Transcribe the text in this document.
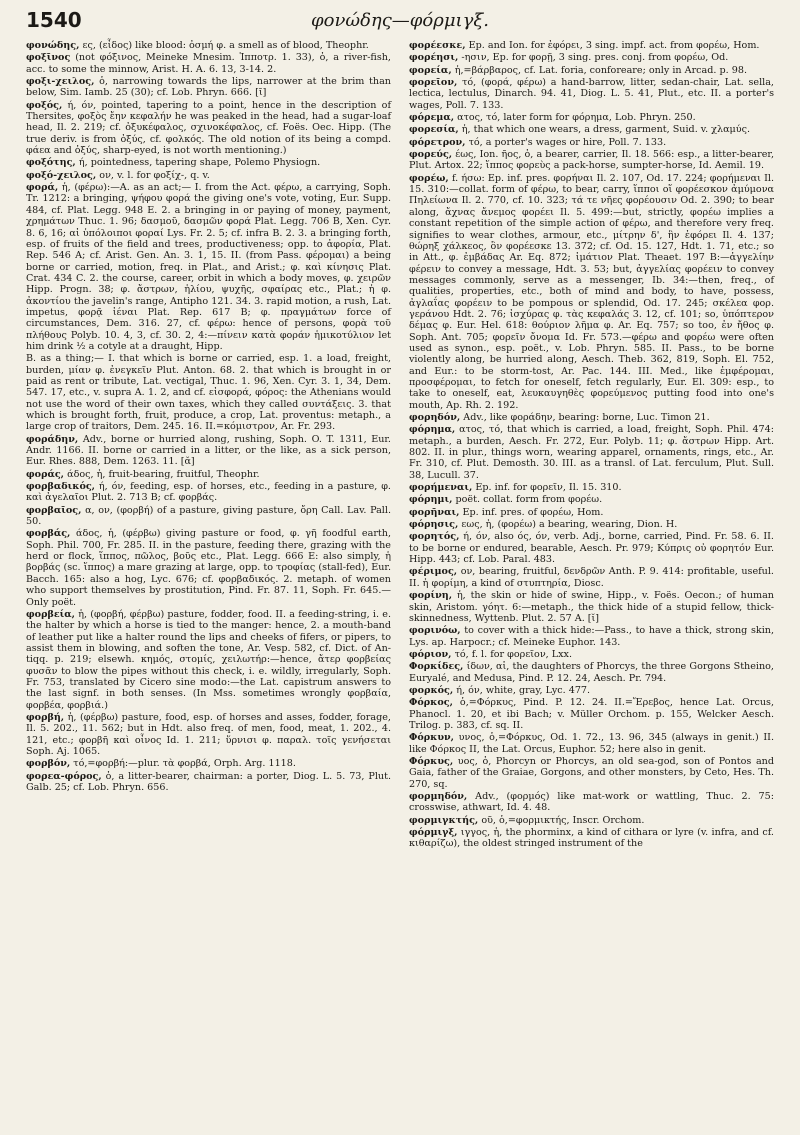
1540	φονώδης—φόρμιγξ.

φονώδης, ες, (εἶδος) like blood: ὀσμή φ. a smell as of blood, Theophr.

φοξῖνος (not φόξινος, Meineke Mnesim. Ἱπποτρ. 1. 33), ὁ, a river-fish, acc. to some the minnow, Arist. H. A. 6. 13, 3-14. 2.

φοξι-χειλος, ὁ, narrowing towards the lips, narrower at the brim than below, Sim. Iamb. 25 (30); cf. Lob. Phryn. 666. [ῑ]

φοξός, ή, όν, pointed, tapering to a point, hence in the description of Thersites, φοξὸς ἔην κεφαλήν he was peaked in the head, had a sugar-loaf head, Il. 2. 219; cf. ὀξυκέφαλος, σχινοκέφαλος, cf. Foës. Oec. Hipp. (The true deriv. is from ὀξύς, cf. φολκός. The old notion of its being a compd. φάεα and ὀξύς, sharp-eyed, is not worth mentioning.)

φοξότης, ή, pointedness, tapering shape, Polemo Physiogn.

φοξό-χειλος, ον, v. l. for φοξίχ-, q. v.

φορά, ἡ, (φέρω):—A. as an act;— I. from the Act. φέρω, a carrying, Soph. Tr. 1212: a bringing, ψήφου φορά the giving one's vote, voting, Eur. Supp. 484, cf. Plat. Legg. 948 E. 2. a bringing in or paying of money, payment, χρημάτων Thuc. 1. 96; δασμοῦ, δασμῶν φορά Plat. Legg. 706 B, Xen. Cyr. 8. 6, 16; αἱ ὑπόλοιποι φοραί Lys. Fr. 2. 5; cf. infra B. 2. 3. a bringing forth, esp. of fruits of the field and trees, productiveness; opp. to ἀφορία, Plat. Rep. 546 A; cf. Arist. Gen. An. 3. 1, 15. II. (from Pass. φέρομαι) a being borne or carried, motion, freq. in Plat., and Arist.; φ. καὶ κίνησις Plat. Crat. 434 C. 2. the course, career, orbit in which a body moves, φ. χειρῶν Hipp. Progn. 38; φ. ἄστρων, ἡλίου, ψυχῆς, σφαίρας etc., Plat.; ἡ φ. ἀκοντίου the javelin's range, Antipho 121. 34. 3. rapid motion, a rush, Lat. impetus, φορᾷ ἱέναι Plat. Rep. 617 B; φ. πραγμάτων force of circumstances, Dem. 316. 27, cf. φέρω: hence of persons, φορὰ τοῦ πλήθους Polyb. 10. 4, 3, cf. 30. 2, 4:—πίνειν κατὰ φοράν ἡμικοτύλιον let him drink ½ a cotyle at a draught, Hipp.

B. as a thing;— I. that which is borne or carried, esp. 1. a load, freight, burden, μίαν φ. ἐνεγκεῖν Plut. Anton. 68. 2. that which is brought in or paid as rent or tribute, Lat. vectigal, Thuc. 1. 96, Xen. Cyr. 3. 1, 34, Dem. 547. 17, etc., v. supra A. 1. 2, and cf. εἰσφορά, φόρος: the Athenians would not use the word of their own taxes, which they called συντάξεις. 3. that which is brought forth, fruit, produce, a crop, Lat. proventus: metaph., a large crop of traitors, Dem. 245. 16. II.=κόμιστρον, Ar. Fr. 293.

φοράδην, Adv., borne or hurried along, rushing, Soph. O. T. 1311, Eur. Andr. 1166. II. borne or carried in a litter, or the like, as a sick person, Eur. Rhes. 888, Dem. 1263. 11. [ᾰ]

φοράς, άδος, ἡ, fruit-bearing, fruitful, Theophr.

φορβαδικός, ή, όν, feeding, esp. of horses, etc., feeding in a pasture, φ. καὶ ἀγελαῖοι Plut. 2. 713 B; cf. φορβάς.

φορβαῖος, α, ον, (φορβή) of a pasture, giving pasture, ὄρη Call. Lav. Pall. 50.

φορβάς, άδος, ἡ, (φέρβω) giving pasture or food, φ. γῆ foodful earth, Soph. Phil. 700, Fr. 285. II. in the pasture, feeding there, grazing with the herd or flock, ἵππος, πῶλος, βοῦς etc., Plat. Legg. 666 E: also simply, ἡ βορβάς (sc. ἵππος) a mare grazing at large, opp. to τροφίας (stall-fed), Eur. Bacch. 165: also a hog, Lyc. 676; cf. φορβαδικός. 2. metaph. of women who support themselves by prostitution, Pind. Fr. 87. 11, Soph. Fr. 645.—Only poët.

φορβεία, ἡ, (φορβή, φέρβω) pasture, fodder, food. II. a feeding-string, i. e. the halter by which a horse is tied to the manger: hence, 2. a mouth-band of leather put like a halter round the lips and cheeks of fifers, or pipers, to assist them in blowing, and soften the tone, Ar. Vesp. 582, cf. Dict. of An-tiqq. p. 219; elsewh. κημός, στομίς, χειλωτήρ:—hence, ἄτερ φορβείας φυσᾶν to blow the pipes without this check, i. e. wildly, irregularly, Soph. Fr. 753, translated by Cicero sine modo:—the Lat. capistrum answers to the last signf. in both senses. (In Mss. sometimes wrongly φορβαία, φορβέα, φορβιά.)

φορβή, ἡ, (φέρβω) pasture, food, esp. of horses and asses, fodder, forage, Il. 5. 202., 11. 562; but in Hdt. also freq. of men, food, meat, 1. 202., 4. 121, etc.; φορβῆ καὶ οἶνος Id. 1. 211; ὕρνισι φ. παραλ. τοῖς γενήσεται Soph. Aj. 1065.

φορβόν, τό,=φορβή:—plur. τὰ φορβά, Orph. Arg. 1118.

φορεα-φόρος, ὁ, a litter-bearer, chairman: a porter, Diog. L. 5. 73, Plut. Galb. 25; cf. Lob. Phryn. 656.

φορέεσκε, Ep. and Ion. for ἐφόρει, 3 sing. impf. act. from φορέω, Hom.

φορέησι, -ησιν, Ep. for φορῇ, 3 sing. pres. conj. from φορέω, Od.

φορεία, ἡ,=βάρβαρος, cf. Lat. foria, conforeare; only in Arcad. p. 98.

φορεῖον, τό, (φορά, φέρω) a hand-barrow, litter, sedan-chair, Lat. sella, lectica, lectulus, Dinarch. 94. 41, Diog. L. 5. 41, Plut., etc. II. a porter's wages, Poll. 7. 133.

φόρεμα, ατος, τό, later form for φόρημα, Lob. Phryn. 250.

φορεσία, ἡ, that which one wears, a dress, garment, Suid. v. χλαμύς.

φόρετρον, τό, a porter's wages or hire, Poll. 7. 133.

φορεύς, έως, Ion. ῆος, ὁ, a bearer, carrier, Il. 18. 566: esp., a litter-bearer, Plut. Artox. 22; ἵππος φορεὺς a pack-horse, sumpter-horse, Id. Aemil. 19.

φορέω, f. ήσω: Ep. inf. pres. φορήναι Il. 2. 107, Od. 17. 224; φορήμεναι Il. 15. 310:—collat. form of φέρω, to bear, carry, ἵπποι οἵ φορέεσκον ἀμύμονα Πηλείωνα Il. 2. 770, cf. 10. 323; τά τε νῆες φορέουσιν Od. 2. 390; to bear along, ἄχνας ἄνεμος φορέει Il. 5. 499:—but, strictly, φορέω implies a constant repetition of the simple action of φέρω, and therefore very freq. signifies to wear clothes, armour, etc., μίτρην δ', ἣν ἐφόρει Il. 4. 137; θώρηξ χάλκεος, ὃν φορέεσκε 13. 372; cf. Od. 15. 127, Hdt. 1. 71, etc.; so in Att., φ. ἐμβάδας Ar. Eq. 872; ἱμάτιον Plat. Theaet. 197 B:—ἀγγελίην φέρειν to convey a message, Hdt. 3. 53; but, ἀγγελίας φορέειν to convey messages commonly, serve as a messenger, Ib. 34:—then, freq., of qualities, properties, etc., both of mind and body, to have, possess, ἀγλαΐας φορέειν to be pompous or splendid, Od. 17. 245; σκέλεα φορ. γεράνου Hdt. 2. 76; ἰσχύρας φ. τὰς κεφαλάς 3. 12, cf. 101; so, ὑπόπτερον δέμας φ. Eur. Hel. 618: θούριον λῆμα φ. Ar. Eq. 757; so too, ἐν ἤθος φ. Soph. Ant. 705; φορεῖν ὄνομα Id. Fr. 573.—φέρω and φορέω were often used as synon., esp. poët., v. Lob. Phryn. 585. II. Pass., to be borne violently along, be hurried along, Aesch. Theb. 362, 819, Soph. El. 752, and Eur.: to be storm-tost, Ar. Pac. 144. III. Med., like ἐμφέρομαι, προσφέρομαι, to fetch for oneself, fetch regularly, Eur. El. 309: esp., to take to oneself, eat, λευκαυγηθὲς φορεύμενος putting food into one's mouth, Ap. Rh. 2. 192.

φορηδόν, Adv., like φοράδην, bearing: borne, Luc. Timon 21.

φόρημα, ατος, τό, that which is carried, a load, freight, Soph. Phil. 474: metaph., a burden, Aesch. Fr. 272, Eur. Polyb. 11; φ. ἄστρων Hipp. Art. 802. II. in plur., things worn, wearing apparel, ornaments, rings, etc., Ar. Fr. 310, cf. Plut. Demosth. 30. III. as a transl. of Lat. ferculum, Plut. Sull. 38, Lucull. 37.

φορήμεναι, Ep. inf. for φορεῖν, Il. 15. 310.

φόρημι, poët. collat. form from φορέω.

φορῆναι, Ep. inf. pres. of φορέω, Hom.

φόρησις, εως, ἡ, (φορέω) a bearing, wearing, Dion. H.

φορητός, ή, όν, also ός, όν, verb. Adj., borne, carried, Pind. Fr. 58. 6. II. to be borne or endured, bearable, Aesch. Pr. 979; Κύπρις οὐ φορητόν Eur. Hipp. 443; cf. Lob. Paral. 483.

φέριμος, ον, bearing, fruitful, δενδρῶν Anth. P. 9. 414: profitable, useful. II. ἡ φορίμη, a kind of στυπτηρία, Diosc.

φορίνη, ἡ, the skin or hide of swine, Hipp., v. Foës. Oecon.; of human skin, Aristom. γόητ. 6:—metaph., the thick hide of a stupid fellow, thick-skinnedness, Wyttenb. Plut. 2. 57 A. [ῐ]

φορινόω, to cover with a thick hide:—Pass., to have a thick, strong skin, Lys. ap. Harpocr.; cf. Meineke Euphor. 143.

φόριον, τό, f. l. for φορεῖον, Lxx.

Φορκίδες, ίδων, αἱ, the daughters of Phorcys, the three Gorgons Stheino, Euryalé, and Medusa, Pind. P. 12. 24, Aesch. Pr. 794.

φορκός, ή, όν, white, gray, Lyc. 477.

Φόρκος, ὁ,=Φόρκυς, Pind. P. 12. 24. II.=Ἔρεβος, hence Lat. Orcus, Phanocl. 1. 20, et ibi Bach; v. Müller Orchom. p. 155, Welcker Aesch. Trilog. p. 383, cf. sq. II.

Φόρκυν, υνος, ὁ,=Φόρκυς, Od. 1. 72., 13. 96, 345 (always in genit.) II. like Φόρκος II, the Lat. Orcus, Euphor. 52; here also in genit.

Φόρκυς, υος, ὁ, Phorcyn or Phorcys, an old sea-god, son of Pontos and Gaia, father of the Graiae, Gorgons, and other monsters, by Ceto, Hes. Th. 270, sq.

φορμηδόν, Adv., (φορμός) like mat-work or wattling, Thuc. 2. 75: crosswise, athwart, Id. 4. 48.

φορμιγκτής, οῦ, ὁ,=φορμικτής, Inscr. Orchom.

φόρμιγξ, ιγγος, ἡ, the phorminx, a kind of cithara or lyre (v. infra, and cf. κιθαρίζω), the oldest stringed instrument of the
